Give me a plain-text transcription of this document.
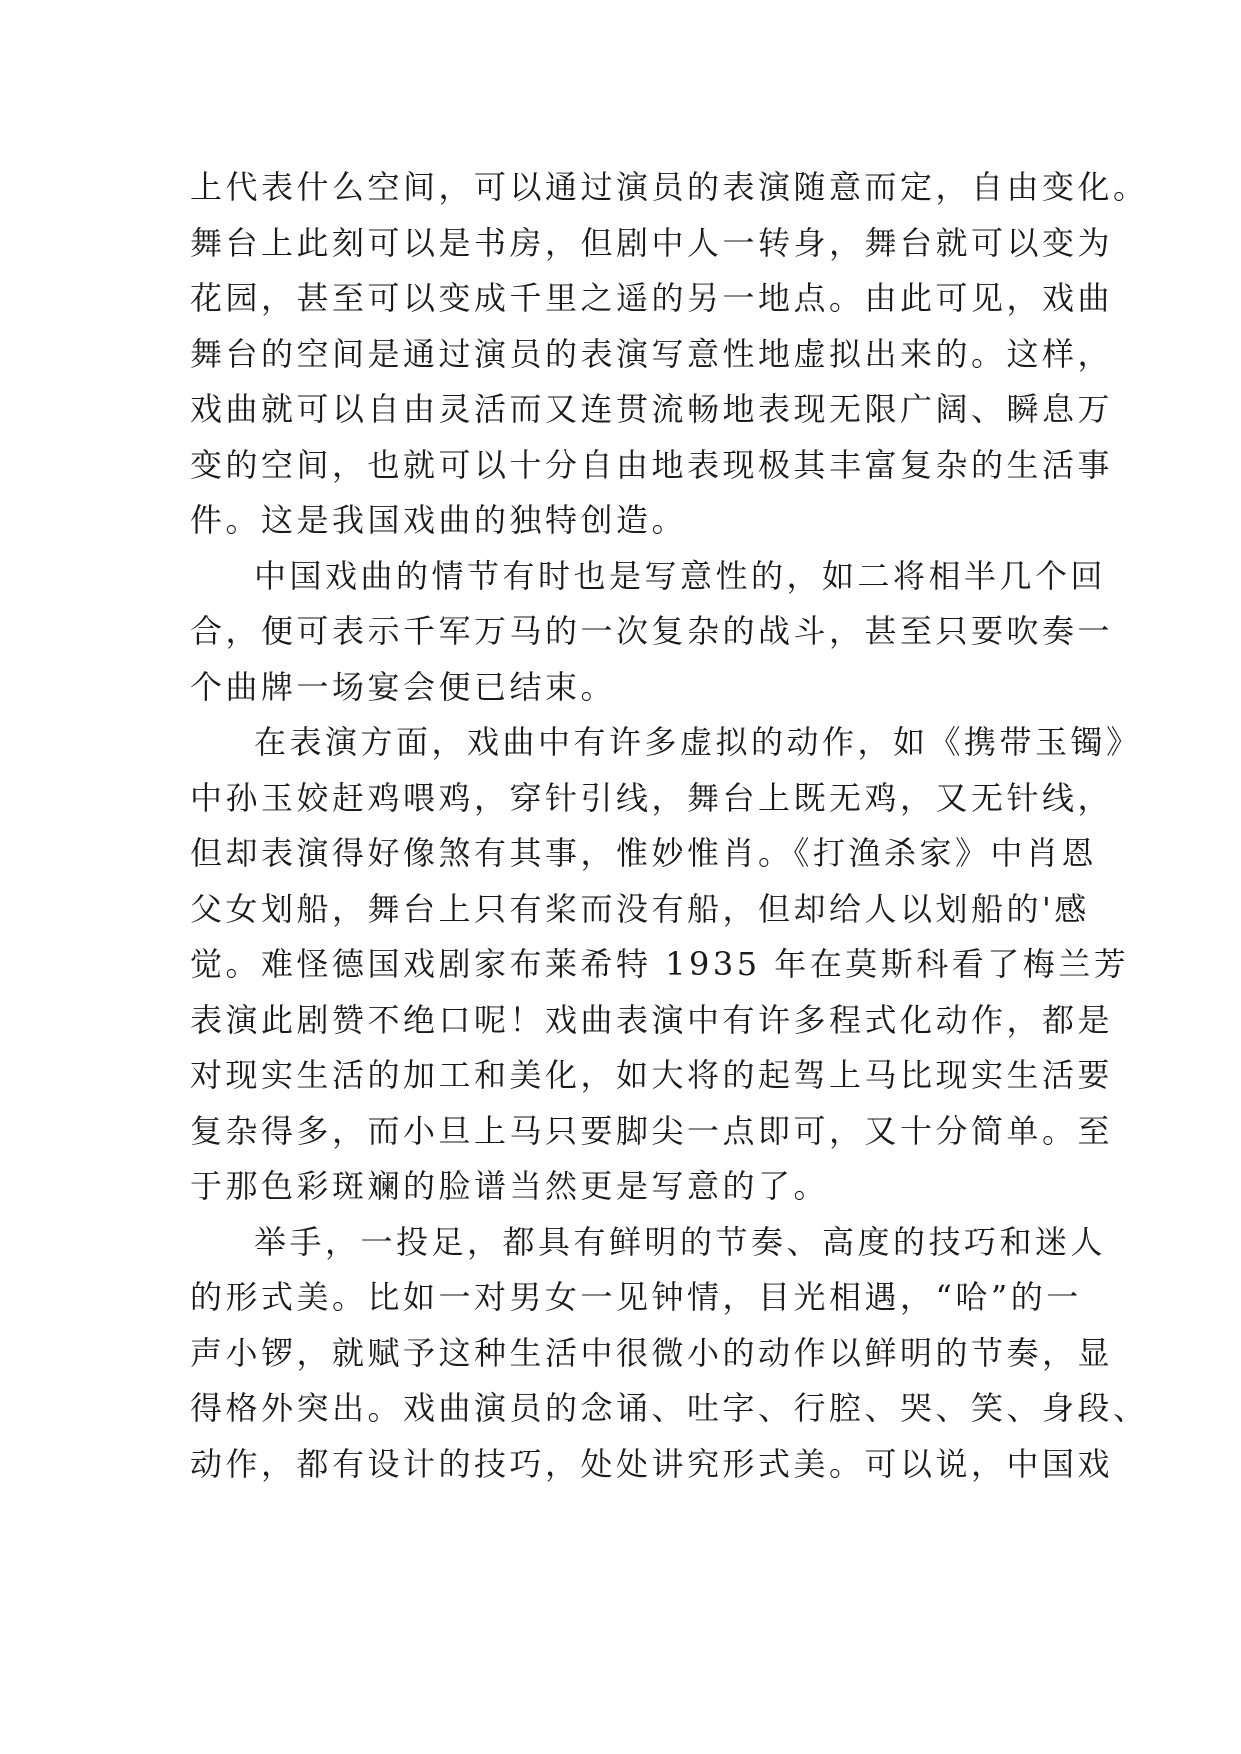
上代表什么空间，可以通过演员的表演随意而定，自由变化。
舞台上此刻可以是书房，但剧中人一转身，舞台就可以变为
花园，甚至可以变成千里之遥的另一地点。由此可见，戏曲
舞台的空间是通过演员的表演写意性地虚拟出来的。这样，
戏曲就可以自由灵活而又连贯流畅地表现无限广阔、瞬息万
变的空间，也就可以十分自由地表现极其丰富复杂的生活事
件。这是我国戏曲的独特创造。

中国戏曲的情节有时也是写意性的，如二将相半几个回
合，便可表示千军万马的一次复杂的战斗，甚至只要吹奏一
个曲牌一场宴会便已结束。

在表演方面，戏曲中有许多虚拟的动作，如《携带玉镯》
中孙玉姣赶鸡喂鸡，穿针引线，舞台上既无鸡，又无针线，
但却表演得好像煞有其事，惟妙惟肖。《打渔杀家》中肖恩
父女划船，舞台上只有桨而没有船，但却给人以划船的'感
觉。难怪德国戏剧家布莱希特 1935 年在莫斯科看了梅兰芳
表演此剧赞不绝口呢！戏曲表演中有许多程式化动作，都是
对现实生活的加工和美化，如大将的起驾上马比现实生活要
复杂得多，而小旦上马只要脚尖一点即可，又十分简单。至
于那色彩斑斓的脸谱当然更是写意的了。

举手，一投足，都具有鲜明的节奏、高度的技巧和迷人
的形式美。比如一对男女一见钟情，目光相遇，“哈”的一
声小锣，就赋予这种生活中很微小的动作以鲜明的节奏，显
得格外突出。戏曲演员的念诵、吐字、行腔、哭、笑、身段、
动作，都有设计的技巧，处处讲究形式美。可以说，中国戏
